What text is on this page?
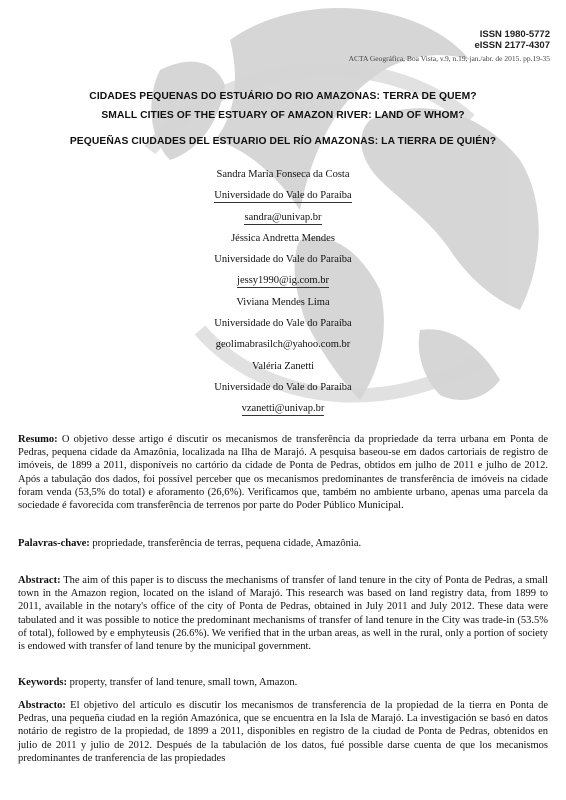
ISSN 1980-5772
eISSN 2177-4307
ACTA Geográfica, Boa Vista, v.9, n.19, jan./abr. de 2015. pp.19-35
CIDADES PEQUENAS DO ESTUÁRIO DO RIO AMAZONAS: TERRA DE QUEM?
SMALL CITIES OF THE ESTUARY OF AMAZON RIVER: LAND OF WHOM?
PEQUEÑAS CIUDADES DEL ESTUARIO DEL RÍO AMAZONAS: LA TIERRA DE QUIÉN?
Sandra Maria Fonseca da Costa
Universidade do Vale do Paraíba
sandra@univap.br
Jéssica Andretta Mendes
Universidade do Vale do Paraíba
jessy1990@ig.com.br
Viviana Mendes Lima
Universidade do Vale do Paraíba
geolimabrasilch@yahoo.com.br
Valéria Zanetti
Universidade do Vale do Paraíba
vzanetti@univap.br

Resumo: O objetivo desse artigo é discutir os mecanismos de transferência da propriedade da terra urbana em Ponta de Pedras, pequena cidade da Amazônia, localizada na Ilha de Marajó. A pesquisa baseou-se em dados cartoriais de registro de imóveis, de 1899 a 2011, disponíveis no cartório da cidade de Ponta de Pedras, obtidos em julho de 2011 e julho de 2012. Após a tabulação dos dados, foi possível perceber que os mecanismos predominantes de transferência de imóveis na cidade foram venda (53,5% do total) e aforamento (26,6%). Verificamos que, também no ambiente urbano, apenas uma parcela da sociedade é favorecida com transferência de terrenos por parte do Poder Público Municipal.

Palavras-chave: propriedade, transferência de terras, pequena cidade, Amazônia.

Abstract: The aim of this paper is to discuss the mechanisms of transfer of land tenure in the city of Ponta de Pedras, a small town in the Amazon region, located on the island of Marajó. This research was based on land registry data, from 1899 to 2011, available in the notary's office of the city of Ponta de Pedras, obtained in July 2011 and July 2012. These data were tabulated and it was possible to notice the predominant mechanisms of transfer of land tenure in the City was trade-in (53.5% of total), followed by e emphyteusis (26.6%). We verified that in the urban areas, as well in the rural, only a portion of society is endowed with transfer of land tenure by the municipal government.

Keywords: property, transfer of land tenure, small town, Amazon.

Abstracto: El objetivo del artículo es discutir los mecanismos de transferencia de la propiedad de la tierra en Ponta de Pedras, una pequeña ciudad en la región Amazónica, que se encuentra en la Isla de Marajó. La investigación se basó en datos notário de registro de la propiedad, de 1899 a 2011, disponibles en registro de la ciudad de Ponta de Pedras, obtenidos en julio de 2011 y julio de 2012. Después de la tabulación de los datos, fué possible darse cuenta de que los mecanismos predominantes de tranferencia de las propiedades
